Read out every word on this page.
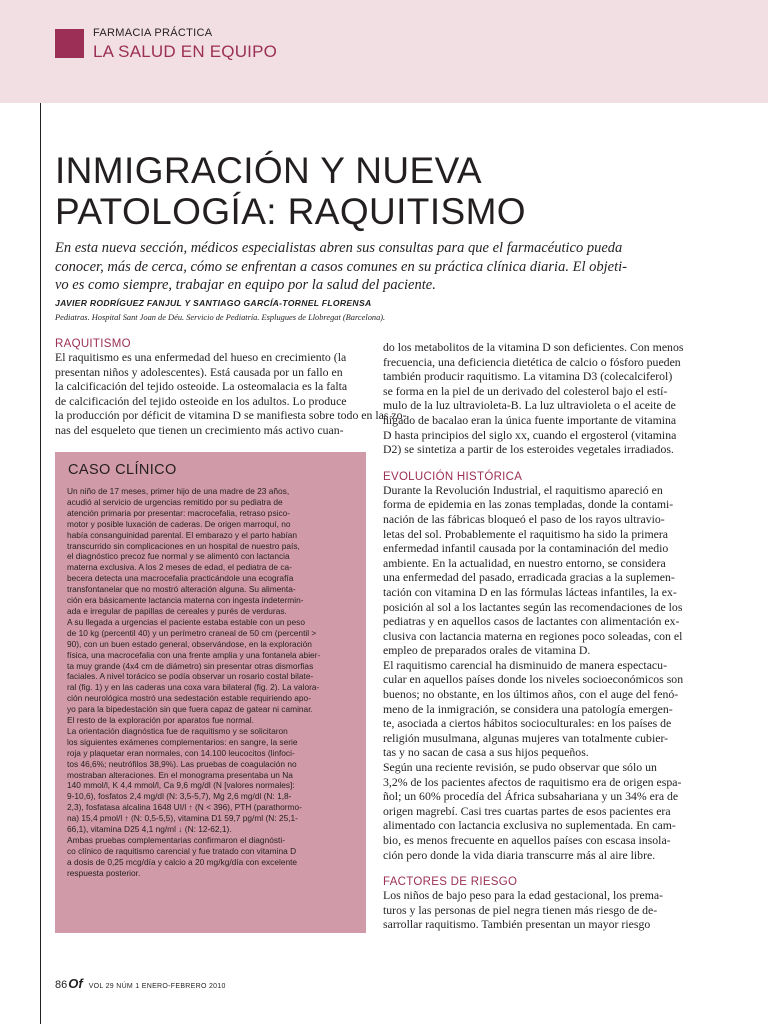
FARMACIA PRÁCTICA
LA SALUD EN EQUIPO
INMIGRACIÓN Y NUEVA
PATOLOGÍA: RAQUITISMO
En esta nueva sección, médicos especialistas abren sus consultas para que el farmacéutico pueda
conocer, más de cerca, cómo se enfrentan a casos comunes en su práctica clínica diaria. El objeti-
vo es como siempre, trabajar en equipo por la salud del paciente.
JAVIER RODRÍGUEZ FANJUL Y SANTIAGO GARCÍA-TORNEL FLORENSA
Pediatras. Hospital Sant Joan de Déu. Servicio de Pediatría. Esplugues de Llobregat (Barcelona).
RAQUITISMO
El raquitismo es una enfermedad del hueso en crecimiento (la
presentan niños y adolescentes). Está causada por un fallo en
la calcificación del tejido osteoide. La osteomalacia es la falta
de calcificación del tejido osteoide en los adultos. Lo produce
la producción por déficit de vitamina D se manifiesta sobre todo en las zo-
nas del esqueleto que tienen un crecimiento más activo cuan-
CASO CLÍNICO
Un niño de 17 meses, primer hijo de una madre de 23 años,
acudió al servicio de urgencias remitido por su pediatra de
atención primaria por presentar: macrocefalia, retraso psico-
motor y posible luxación de caderas. De origen marroquí, no
había consanguinidad parental. El embarazo y el parto habían
transcurrido sin complicaciones en un hospital de nuestro país,
el diagnóstico precoz fue normal y se alimentó con lactancia
materna exclusiva. A los 2 meses de edad, el pediatra de ca-
becera detecta una macrocefalia practicándole una ecografía
transfontanelar que no mostró alteración alguna. Su alimenta-
ción era básicamente lactancia materna con ingesta indetermin-
ada e irregular de papillas de cereales y purés de verduras.
A su llegada a urgencias el paciente estaba estable con un peso
de 10 kg (percentil 40) y un perímetro craneal de 50 cm (percentil >
90), con un buen estado general, observándose, en la exploración
física, una macrocefalia con una frente amplia y una fontanela abier-
ta muy grande (4x4 cm de diámetro) sin presentar otras dismorfias
faciales. A nivel torácico se podía observar un rosario costal bilate-
ral (fig. 1) y en las caderas una coxa vara bilateral (fig. 2). La valora-
ción neurológica mostró una sedestación estable requiriendo apo-
yo para la bipedestación sin que fuera capaz de gatear ni caminar.
El resto de la exploración por aparatos fue normal.
La orientación diagnóstica fue de raquitismo y se solicitaron
los siguientes exámenes complementarios: en sangre, la serie
roja y plaquetar eran normales, con 14.100 leucocitos (linfoci-
tos 46,6%; neutrófilos 38,9%). Las pruebas de coagulación no
mostraban alteraciones. En el monograma presentaba un Na
140 mmol/l, K 4,4 mmol/l, Ca 9,6 mg/dl (N [valores normales]:
9-10,6), fosfatos 2,4 mg/dl (N: 3,5-5,7), Mg 2,6 mg/dl (N: 1,8-
2,3), fosfatasa alcalina 1648 UI/l ↑ (N < 396), PTH (parathormo-
na) 15,4 pmol/l ↑ (N: 0,5-5,5), vitamina D1 59,7 pg/ml (N: 25,1-
66,1), vitamina D25 4,1 ng/ml ↓ (N: 12-62,1).
Ambas pruebas complementarias confirmaron el diagnósti-
co clínico de raquitismo carencial y fue tratado con vitamina D
a dosis de 0,25 mcg/día y calcio a 20 mg/kg/día con excelente
respuesta posterior.
do los metabolitos de la vitamina D son deficientes. Con menos
frecuencia, una deficiencia dietética de calcio o fósforo pueden
también producir raquitismo. La vitamina D3 (colecalciferol)
se forma en la piel de un derivado del colesterol bajo el estí-
mulo de la luz ultravioleta-B. La luz ultravioleta o el aceite de
hígado de bacalao eran la única fuente importante de vitamina
D hasta principios del siglo xx, cuando el ergosterol (vitamina
D2) se sintetiza a partir de los esteroides vegetales irradiados.
EVOLUCIÓN HISTÓRICA
Durante la Revolución Industrial, el raquitismo apareció en
forma de epidemia en las zonas templadas, donde la contami-
nación de las fábricas bloqueó el paso de los rayos ultravio-
letas del sol. Probablemente el raquitismo ha sido la primera
enfermedad infantil causada por la contaminación del medio
ambiente. En la actualidad, en nuestro entorno, se considera
una enfermedad del pasado, erradicada gracias a la suplemen-
tación con vitamina D en las fórmulas lácteas infantiles, la ex-
posición al sol a los lactantes según las recomendaciones de los
pediatras y en aquellos casos de lactantes con alimentación ex-
clusiva con lactancia materna en regiones poco soleadas, con el
empleo de preparados orales de vitamina D.
El raquitismo carencial ha disminuido de manera espectacu-
cular en aquellos países donde los niveles socioeconómicos son
buenos; no obstante, en los últimos años, con el auge del fenó-
meno de la inmigración, se considera una patología emergen-
te, asociada a ciertos hábitos socioculturales: en los países de
religión musulmana, algunas mujeres van totalmente cubier-
tas y no sacan de casa a sus hijos pequeños.
Según una reciente revisión, se pudo observar que sólo un
3,2% de los pacientes afectos de raquitismo era de origen espa-
ñol; un 60% procedía del África subsahariana y un 34% era de
origen magrebí. Casi tres cuartas partes de esos pacientes era
alimentado con lactancia exclusiva no suplementada. En cam-
bio, es menos frecuente en aquellos países con escasa insola-
ción pero donde la vida diaria transcurre más al aire libre.
FACTORES DE RIESGO
Los niños de bajo peso para la edad gestacional, los prema-
turos y las personas de piel negra tienen más riesgo de de-
sarrollar raquitismo. También presentan un mayor riesgo
86Of VOL 29 NÚM 1 ENERO-FEBRERO 2010
